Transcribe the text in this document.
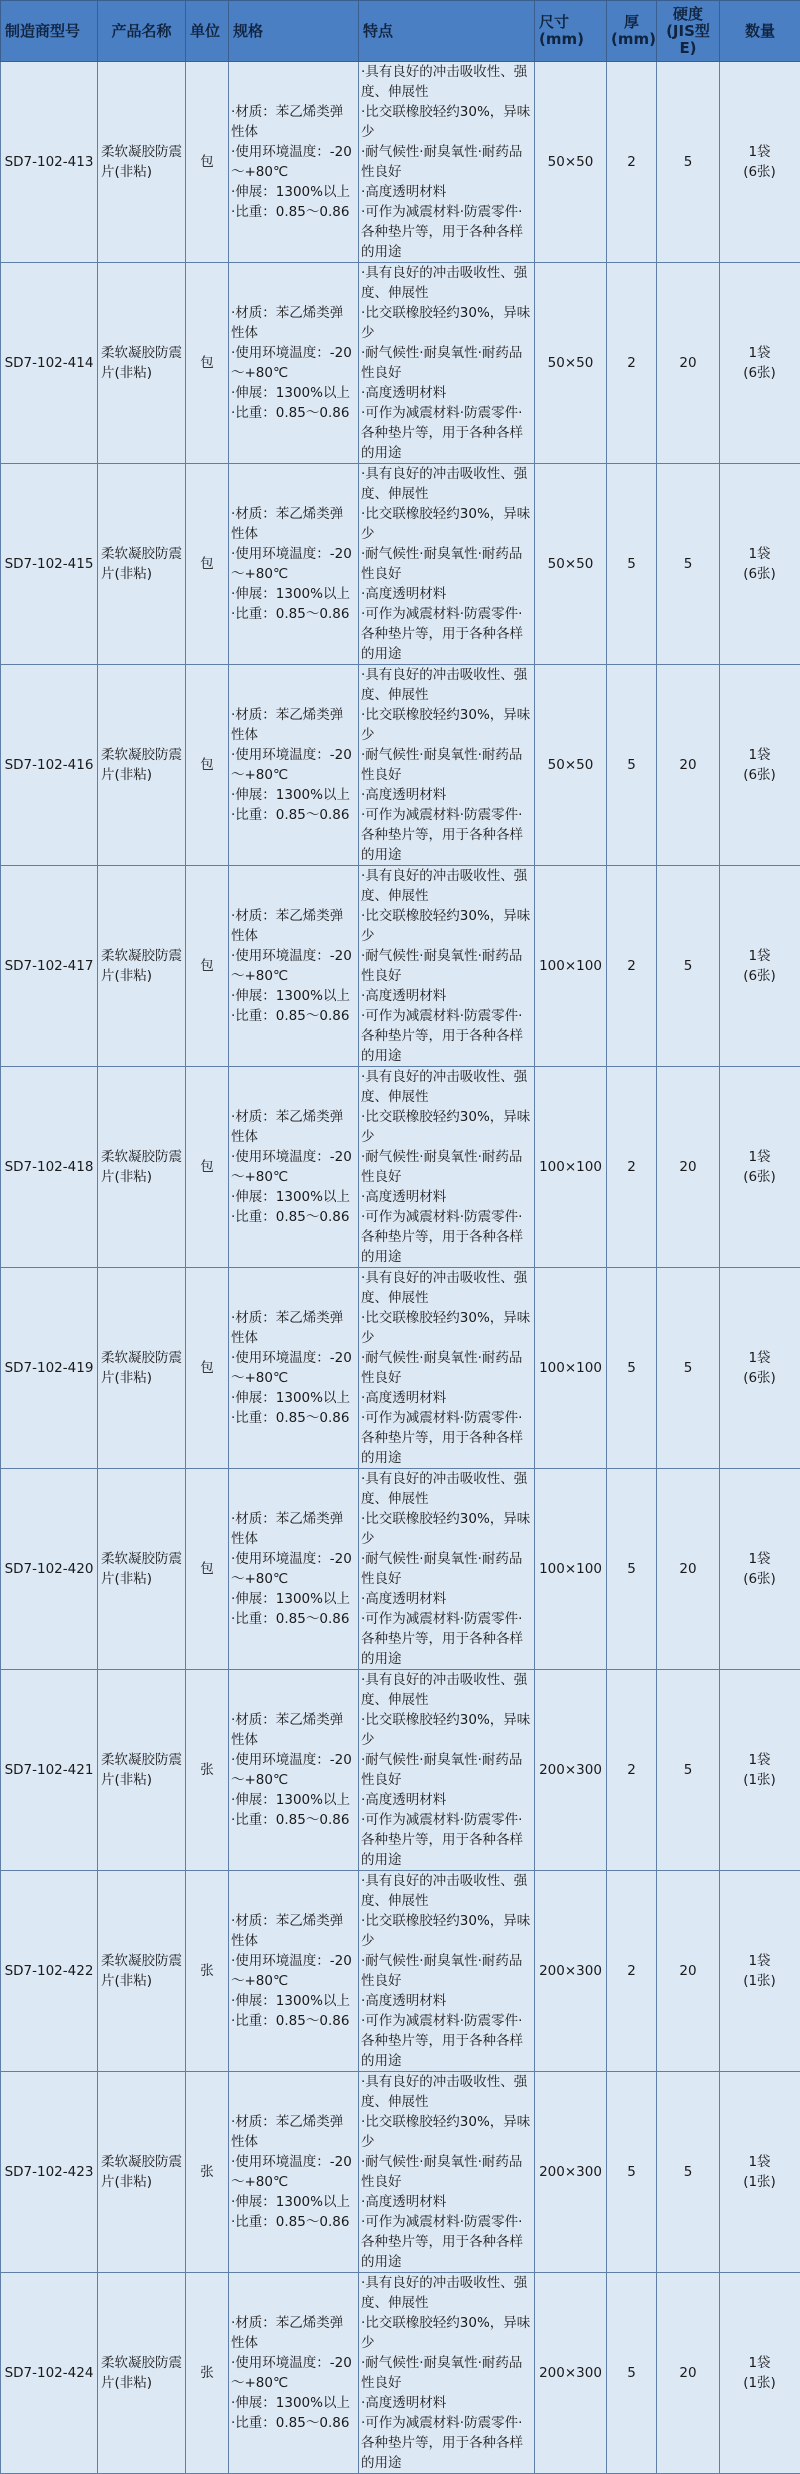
制造商型号	产品名称	单位	规格	特点	尺寸(mm)	厚
(mm)	硬度
(JIS型
E)	数量
SD7-102-413	柔软凝胶防震片(非粘)	包	·材质：苯乙烯类弹性体
·使用环境温度：-20～+80℃
·伸展：1300%以上
·比重：0.85～0.86	·具有良好的冲击吸收性、强度、伸展性
·比交联橡胶轻约30%，异味少
·耐气候性·耐臭氧性·耐药品性良好
·高度透明材料
·可作为减震材料·防震零件·各种垫片等，用于各种各样的用途	50×50	2	5	1袋
(6张)
SD7-102-414	柔软凝胶防震片(非粘)	包	·材质：苯乙烯类弹性体
·使用环境温度：-20～+80℃
·伸展：1300%以上
·比重：0.85～0.86	·具有良好的冲击吸收性、强度、伸展性
·比交联橡胶轻约30%，异味少
·耐气候性·耐臭氧性·耐药品性良好
·高度透明材料
·可作为减震材料·防震零件·各种垫片等，用于各种各样的用途	50×50	2	20	1袋
(6张)
SD7-102-415	柔软凝胶防震片(非粘)	包	·材质：苯乙烯类弹性体
·使用环境温度：-20～+80℃
·伸展：1300%以上
·比重：0.85～0.86	·具有良好的冲击吸收性、强度、伸展性
·比交联橡胶轻约30%，异味少
·耐气候性·耐臭氧性·耐药品性良好
·高度透明材料
·可作为减震材料·防震零件·各种垫片等，用于各种各样的用途	50×50	5	5	1袋
(6张)
SD7-102-416	柔软凝胶防震片(非粘)	包	·材质：苯乙烯类弹性体
·使用环境温度：-20～+80℃
·伸展：1300%以上
·比重：0.85～0.86	·具有良好的冲击吸收性、强度、伸展性
·比交联橡胶轻约30%，异味少
·耐气候性·耐臭氧性·耐药品性良好
·高度透明材料
·可作为减震材料·防震零件·各种垫片等，用于各种各样的用途	50×50	5	20	1袋
(6张)
SD7-102-417	柔软凝胶防震片(非粘)	包	·材质：苯乙烯类弹性体
·使用环境温度：-20～+80℃
·伸展：1300%以上
·比重：0.85～0.86	·具有良好的冲击吸收性、强度、伸展性
·比交联橡胶轻约30%，异味少
·耐气候性·耐臭氧性·耐药品性良好
·高度透明材料
·可作为减震材料·防震零件·各种垫片等，用于各种各样的用途	100×100	2	5	1袋
(6张)
SD7-102-418	柔软凝胶防震片(非粘)	包	·材质：苯乙烯类弹性体
·使用环境温度：-20～+80℃
·伸展：1300%以上
·比重：0.85～0.86	·具有良好的冲击吸收性、强度、伸展性
·比交联橡胶轻约30%，异味少
·耐气候性·耐臭氧性·耐药品性良好
·高度透明材料
·可作为减震材料·防震零件·各种垫片等，用于各种各样的用途	100×100	2	20	1袋
(6张)
SD7-102-419	柔软凝胶防震片(非粘)	包	·材质：苯乙烯类弹性体
·使用环境温度：-20～+80℃
·伸展：1300%以上
·比重：0.85～0.86	·具有良好的冲击吸收性、强度、伸展性
·比交联橡胶轻约30%，异味少
·耐气候性·耐臭氧性·耐药品性良好
·高度透明材料
·可作为减震材料·防震零件·各种垫片等，用于各种各样的用途	100×100	5	5	1袋
(6张)
SD7-102-420	柔软凝胶防震片(非粘)	包	·材质：苯乙烯类弹性体
·使用环境温度：-20～+80℃
·伸展：1300%以上
·比重：0.85～0.86	·具有良好的冲击吸收性、强度、伸展性
·比交联橡胶轻约30%，异味少
·耐气候性·耐臭氧性·耐药品性良好
·高度透明材料
·可作为减震材料·防震零件·各种垫片等，用于各种各样的用途	100×100	5	20	1袋
(6张)
SD7-102-421	柔软凝胶防震片(非粘)	张	·材质：苯乙烯类弹性体
·使用环境温度：-20～+80℃
·伸展：1300%以上
·比重：0.85～0.86	·具有良好的冲击吸收性、强度、伸展性
·比交联橡胶轻约30%，异味少
·耐气候性·耐臭氧性·耐药品性良好
·高度透明材料
·可作为减震材料·防震零件·各种垫片等，用于各种各样的用途	200×300	2	5	1袋
(1张)
SD7-102-422	柔软凝胶防震片(非粘)	张	·材质：苯乙烯类弹性体
·使用环境温度：-20～+80℃
·伸展：1300%以上
·比重：0.85～0.86	·具有良好的冲击吸收性、强度、伸展性
·比交联橡胶轻约30%，异味少
·耐气候性·耐臭氧性·耐药品性良好
·高度透明材料
·可作为减震材料·防震零件·各种垫片等，用于各种各样的用途	200×300	2	20	1袋
(1张)
SD7-102-423	柔软凝胶防震片(非粘)	张	·材质：苯乙烯类弹性体
·使用环境温度：-20～+80℃
·伸展：1300%以上
·比重：0.85～0.86	·具有良好的冲击吸收性、强度、伸展性
·比交联橡胶轻约30%，异味少
·耐气候性·耐臭氧性·耐药品性良好
·高度透明材料
·可作为减震材料·防震零件·各种垫片等，用于各种各样的用途	200×300	5	5	1袋
(1张)
SD7-102-424	柔软凝胶防震片(非粘)	张	·材质：苯乙烯类弹性体
·使用环境温度：-20～+80℃
·伸展：1300%以上
·比重：0.85～0.86	·具有良好的冲击吸收性、强度、伸展性
·比交联橡胶轻约30%，异味少
·耐气候性·耐臭氧性·耐药品性良好
·高度透明材料
·可作为减震材料·防震零件·各种垫片等，用于各种各样的用途	200×300	5	20	1袋
(1张)
